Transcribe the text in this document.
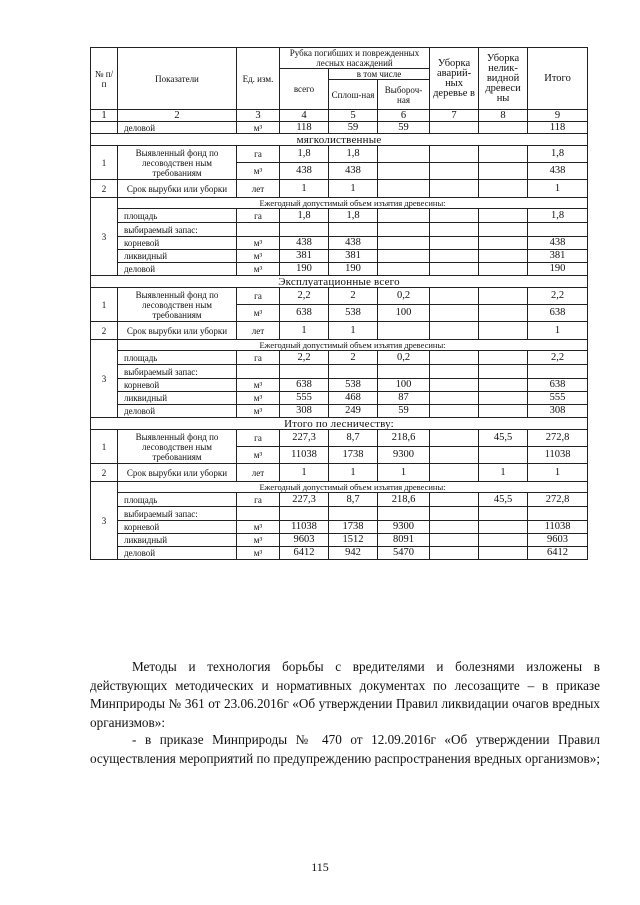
№ п/п	Показатели	Ед. изм.	Рубка погибших и поврежденных лесных насаждений			Уборка аварий-ных деревье в	Уборка нелик-видной древеси ны	Итого
			всего	в том числе				
				Сплош-ная	Выбороч-ная			
1	2	3	4	5	6	7	8	9
	деловой	м³	118	59	59			118
мягколиственные								
1	Выявленный фонд по лесоводствен ным требованиям	га	1,8	1,8				1,8
		м³	438	438				438
2	Срок вырубки или уборки	лет	1	1				1
3	Ежегодный допустимый объем изъятия древесины:							
	площадь	га	1,8	1,8				1,8
	выбираемый запас:							
	корневой	м³	438	438				438
	ликвидный	м³	381	381				381
	деловой	м³	190	190				190
Эксплуатационные всего								
1	Выявленный фонд по лесоводствен ным требованиям	га	2,2	2	0,2			2,2
		м³	638	538	100			638
2	Срок вырубки или уборки	лет	1	1				1
3	Ежегодный допустимый объем изъятия древесины:							
	площадь	га	2,2	2	0,2			2,2
	выбираемый запас:							
	корневой	м³	638	538	100			638
	ликвидный	м³	555	468	87			555
	деловой	м³	308	249	59			308
Итого по лесничеству:								
1	Выявленный фонд по лесоводствен ным требованиям	га	227,3	8,7	218,6		45,5	272,8
		м³	11038	1738	9300			11038
2	Срок вырубки или уборки	лет	1	1	1		1	1
3	Ежегодный допустимый объем изъятия древесины:							
	площадь	га	227,3	8,7	218,6		45,5	272,8
	выбираемый запас:							
	корневой	м³	11038	1738	9300			11038
	ликвидный	м³	9603	1512	8091			9603
	деловой	м³	6412	942	5470			6412
Методы и технология борьбы с вредителями и болезнями изложены в действующих методических и нормативных документах по лесозащите – в приказе Минприроды № 361 от 23.06.2016г «Об утверждении Правил ликвидации очагов вредных организмов»:
- в приказе Минприроды № 470 от 12.09.2016г «Об утверждении Правил осуществления мероприятий по предупреждению распространения вредных организмов»;
115
